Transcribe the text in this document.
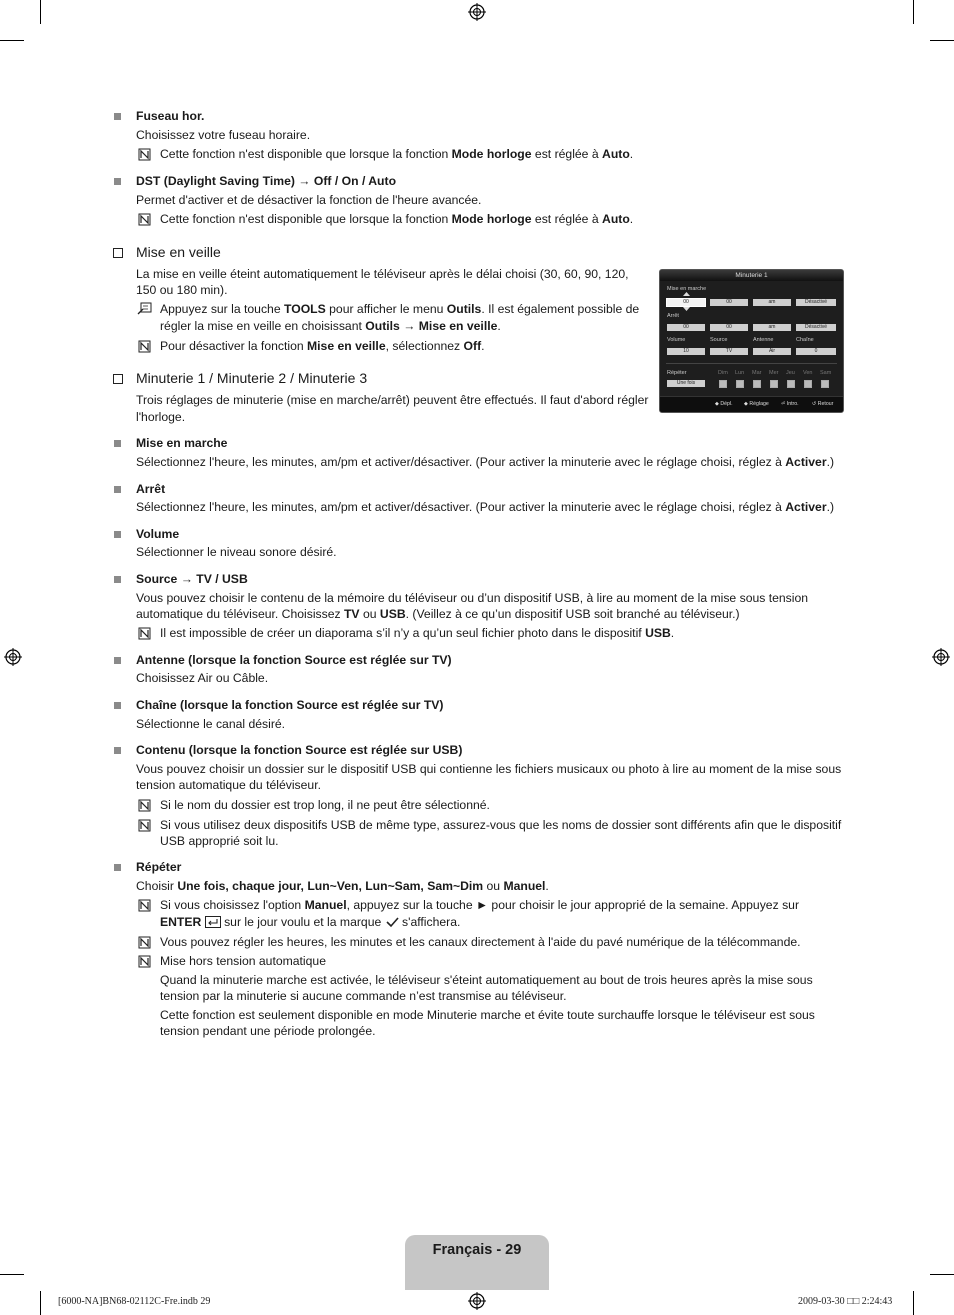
Fuseau hor.
Choisissez votre fuseau horaire.
Cette fonction n'est disponible que lorsque la fonction Mode horloge est réglée à Auto.
DST (Daylight Saving Time) → Off / On / Auto
Permet d'activer et de désactiver la fonction de l'heure avancée.
Cette fonction n'est disponible que lorsque la fonction Mode horloge est réglée à Auto.
Mise en veille
La mise en veille éteint automatiquement le téléviseur après le délai choisi (30, 60, 90, 120,
150 ou 180 min).
Appuyez sur la touche TOOLS pour afficher le menu Outils. Il est également possible de
régler la mise en veille en choisissant Outils → Mise en veille.
Pour désactiver la fonction Mise en veille, sélectionnez Off.
Minuterie 1 / Minuterie 2 / Minuterie 3
Trois réglages de minuterie (mise en marche/arrêt) peuvent être effectués. Il faut d'abord régler
l'horloge.
Minuterie 1
Mise en marche
00	00	am	Désactivé
Arrêt
00	00	am	Désactivé
Volume	Source	Antenne	Chaîne
10	TV	Air	0
Répéter
Une fois
Dim Lun Mar Mer Jeu Ven Sam
◆ Dépl. ◆ Réglage ⏎ Intro.	↺ Retour
Mise en marche
Sélectionnez l'heure, les minutes, am/pm et activer/désactiver. (Pour activer la minuterie avec le réglage choisi, réglez à Activer.)
Arrêt
Sélectionnez l'heure, les minutes, am/pm et activer/désactiver. (Pour activer la minuterie avec le réglage choisi, réglez à Activer.)
Volume
Sélectionner le niveau sonore désiré.
Source → TV / USB
Vous pouvez choisir le contenu de la mémoire du téléviseur ou d’un dispositif USB, à lire au moment de la mise sous tension
automatique du téléviseur. Choisissez TV ou USB. (Veillez à ce qu’un dispositif USB soit branché au téléviseur.)
Il est impossible de créer un diaporama s’il n’y a qu’un seul fichier photo dans le dispositif USB.
Antenne (lorsque la fonction Source est réglée sur TV)
Choisissez Air ou Câble.
Chaîne (lorsque la fonction Source est réglée sur TV)
Sélectionne le canal désiré.
Contenu (lorsque la fonction Source est réglée sur USB)
Vous pouvez choisir un dossier sur le dispositif USB qui contienne les fichiers musicaux ou photo à lire au moment de la mise sous
tension automatique du téléviseur.
Si le nom du dossier est trop long, il ne peut être sélectionné.
Si vous utilisez deux dispositifs USB de même type, assurez-vous que les noms de dossier sont différents afin que le dispositif
USB approprié soit lu.
Répéter
Choisir Une fois, chaque jour, Lun~Ven, Lun~Sam, Sam~Dim ou Manuel.
Si vous choisissez l'option Manuel, appuyez sur la touche ► pour choisir le jour approprié de la semaine. Appuyez sur
ENTER  sur le jour voulu et la marque  s'affichera.
Vous pouvez régler les heures, les minutes et les canaux directement à l'aide du pavé numérique de la télécommande.
Mise hors tension automatique
Quand la minuterie marche est activée, le téléviseur s'éteint automatiquement au bout de trois heures après la mise sous
tension par la minuterie si aucune commande n’est transmise au téléviseur.
Cette fonction est seulement disponible en mode Minuterie marche et évite toute surchauffe lorsque le téléviseur est sous
tension pendant une période prolongée.
Français - 29
[6000-NA]BN68-02112C-Fre.indb 29	2009-03-30 □□ 2:24:43
